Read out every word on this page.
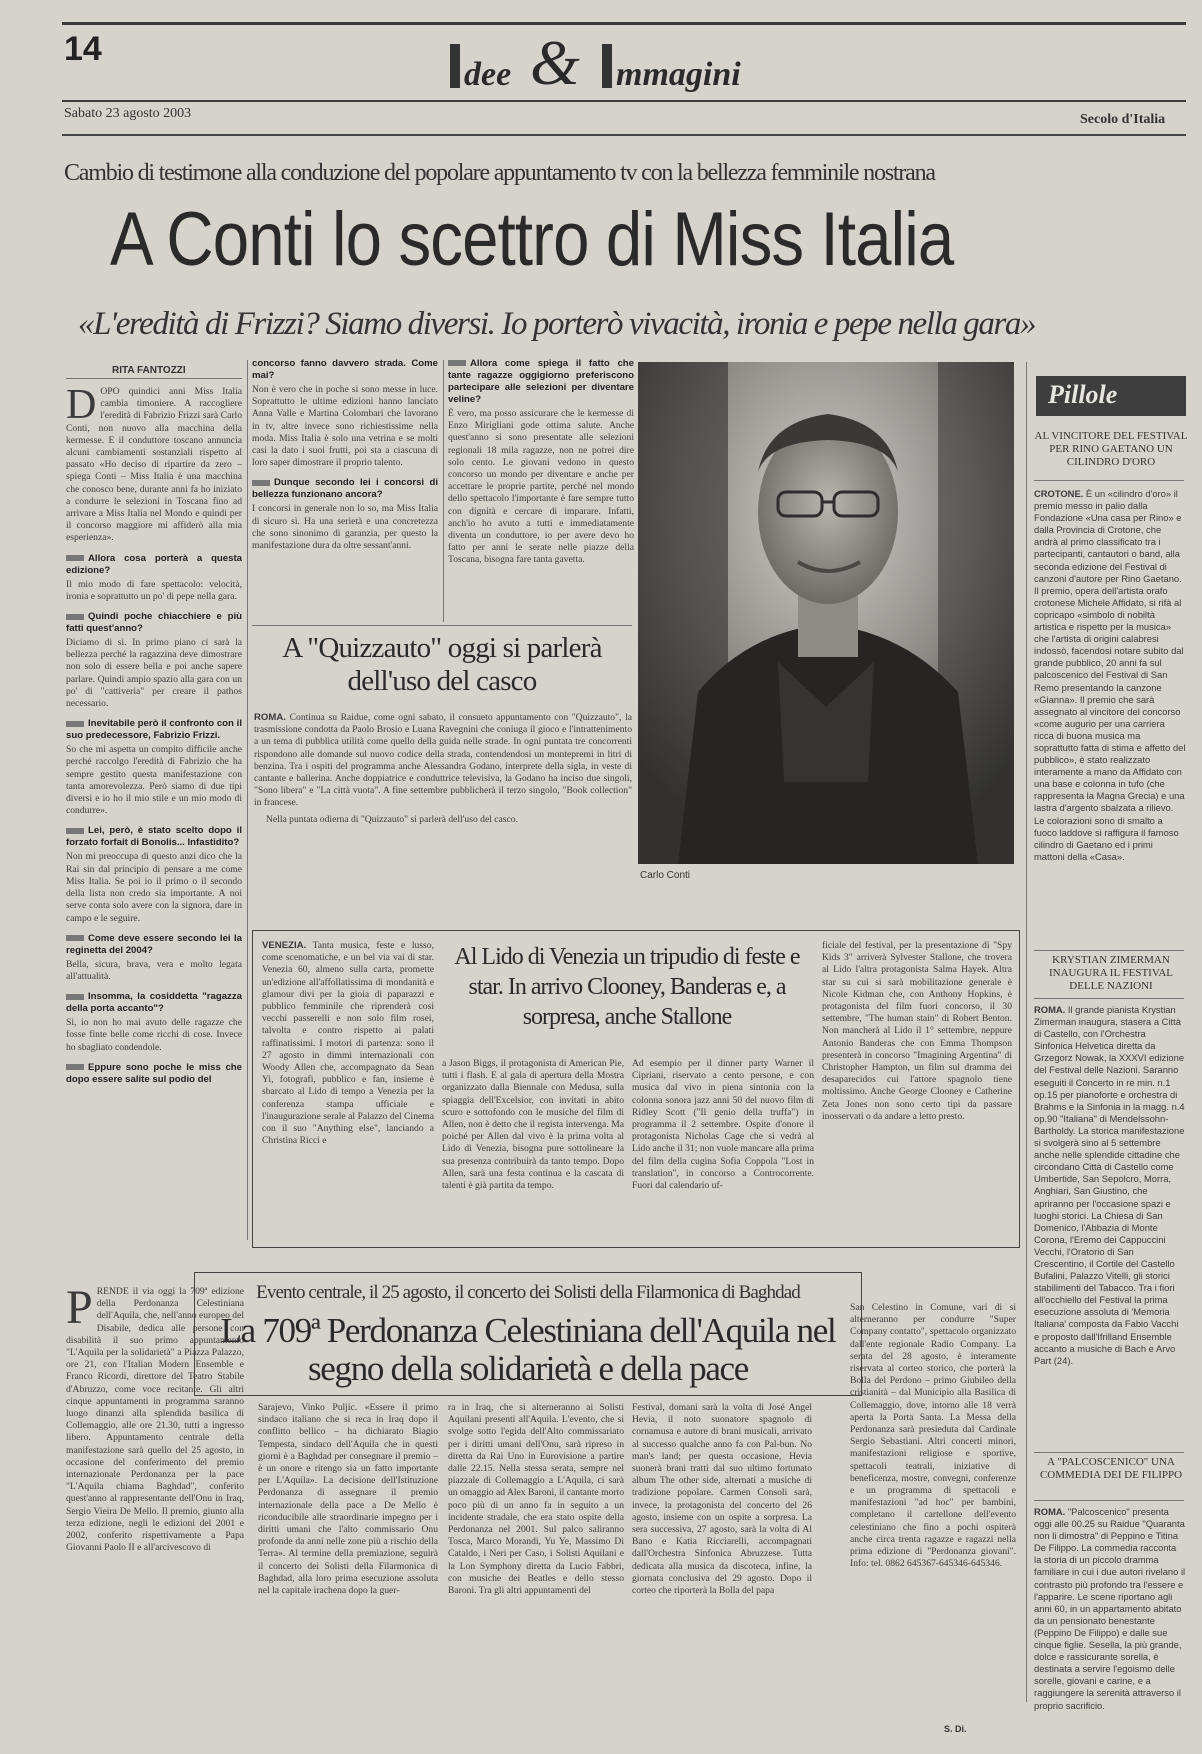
14
dee & mmagini
Sabato 23 agosto 2003	Secolo d'Italia
Cambio di testimone alla conduzione del popolare appuntamento tv con la bellezza femminile nostrana
A Conti lo scettro di Miss Italia
«L'eredità di Frizzi? Siamo diversi. Io porterò vivacità, ironia e pepe nella gara»
RITA FANTOZZI
D OPO quindici anni Miss Italia cambia timoniere. A raccogliere l'eredità di Fabrizio Frizzi sarà Carlo Conti, non nuovo alla macchina della kermesse. E il conduttore toscano annuncia alcuni cambiamenti sostanziali rispetto al passato «Ho deciso di ripartire da zero – spiega Conti – Miss Italia è una macchina che conosco bene, durante anni fa ho iniziato a condurre le selezioni in Toscana fino ad arrivare a Miss Italia nel Mondo e quindi per il concorso maggiore mi affiderò alla mia esperienza».

Allora cosa porterà a questa edizione?

Il mio modo di fare spettacolo: velocità, ironia e soprattutto un po' di pepe nella gara.

Quindi poche chiacchiere e più fatti quest'anno?

Diciamo di sì. In primo piano ci sarà la bellezza perché la ragazzina deve dimostrare non solo di essere bella e poi anche sapere parlare. Quindi ampio spazio alla gara con un po' di "cattiveria" per creare il pathos necessario.

Inevitabile però il confronto con il suo predecessore, Fabrizio Frizzi.

So che mi aspetta un compito difficile anche perché raccolgo l'eredità di Fabrizio che ha sempre gestito questa manifestazione con tanta amorevolezza. Però siamo di due tipi diversi e io ho il mio stile e un mio modo di condurre».

Lei, però, è stato scelto dopo il forzato forfait di Bonolis... Infastidito?

Non mi preoccupa di questo anzi dico che la Rai sin dal principio di pensare a me come Miss Italia. Se poi io il primo o il secondo della lista non credo sia importante. A noi serve conta solo avere con la signora, dare in campo e le seguire.

Come deve essere secondo lei la reginetta del 2004?

Bella, sicura, brava, vera e molto legata all'attualità.

Insomma, la cosiddetta "ragazza della porta accanto"?

Sì, io non ho mai avuto delle ragazze che fosse finte belle come ricchi di cose. Invece ho sbagliato condendole.

Eppure sono poche le miss che dopo essere salite sul podio del
concorso fanno davvero strada. Come mai?

Non è vero che in poche si sono messe in luce. Soprattutto le ultime edizioni hanno lanciato Anna Valle e Martina Colombari che lavorano in tv, altre invece sono richiestissime nella moda. Miss Italia è solo una vetrina e se molti casi la dato i suoi frutti, poi sta a ciascuna di loro saper dimostrare il proprio talento.

Dunque secondo lei i concorsi di bellezza funzionano ancora?

I concorsi in generale non lo so, ma Miss Italia di sicuro sì. Ha una serietà e una concretezza che sono sinonimo di garanzia, per questo la manifestazione dura da oltre sessant'anni.

Allora come spiega il fatto che tante ragazze oggigiorno preferiscono partecipare alle selezioni per diventare veline?

È vero, ma posso assicurare che le kermesse di Enzo Mirigliani gode ottima salute. Anche quest'anno si sono presentate alle selezioni regionali 18 mila ragazze, non ne potrei dire solo cento. Le giovani vedono in questo concorso un mondo per diventare e anche per accettare le proprie partite, perché nel mondo dello spettacolo l'importante è fare sempre tutto con dignità e cercare di imparare. Infatti, anch'io ho avuto a tutti e immediatamente diventa un conduttore, io per avere devo ho fatto per anni le serate nelle piazze della Toscana, bisogna fare tanta gavetta.

A "Quizzauto" oggi si parlerà dell'uso del casco

ROMA. Continua su Raidue, come ogni sabato, il consueto appuntamento con "Quizzauto", la trasmissione condotta da Paolo Brosio e Luana Ravegnini che coniuga il gioco e l'intrattenimento a un tema di pubblica utilità come quello della guida nelle strade. In ogni puntata tre concorrenti rispondono alle domande sul nuovo codice della strada, contendendosi un montepremi in litri di benzina. Tra i ospiti del programma anche Alessandra Godano, interprete della sigla, in veste di cantante e ballerina. Anche doppiatrice e conduttrice televisiva, la Godano ha inciso due singoli, "Sono libera" e "La città vuota". A fine settembre pubblicherà il terzo singolo, "Book collection" in francese.

Nella puntata odierna di "Quizzauto" si parlerà dell'uso del casco.

Carlo Conti
Pillole
AL VINCITORE DEL FESTIVAL PER RINO GAETANO UN CILINDRO D'ORO
CROTONE. È un «cilindro d'oro» il premio messo in palio dalla Fondazione «Una casa per Rino» e dalla Provincia di Crotone, che andrà al primo classificato tra i partecipanti, cantautori o band, alla seconda edizione del Festival di canzoni d'autore per Rino Gaetano. Il premio, opera dell'artista orafo crotonese Michele Affidato, si rifà al copricapo «simbolo di nobiltà artistica e rispetto per la musica» che l'artista di origini calabresi indossò, facendosi notare subito dal grande pubblico, 20 anni fa sul palcoscenico del Festival di San Remo presentando la canzone «Gianna». Il premio che sarà assegnato al vincitore del concorso «come augurio per una carriera ricca di buona musica ma soprattutto fatta di stima e affetto del pubblico», è stato realizzato interamente a mano da Affidato con una base e colonna in tufo (che rappresenta la Magna Grecia) e una lastra d'argento sbalzata a rilievo. Le colorazioni sono di smalto a fuoco laddove si raffigura il famoso cilindro di Gaetano ed i primi mattoni della «Casa».
KRYSTIAN ZIMERMAN INAUGURA IL FESTIVAL DELLE NAZIONI
ROMA. Il grande pianista Krystian Zimerman inaugura, stasera a Città di Castello, con l'Orchestra Sinfonica Helvetica diretta da Grzegorz Nowak, la XXXVI edizione del Festival delle Nazioni. Saranno eseguiti il Concerto in re min. n.1 op.15 per pianoforte e orchestra di Brahms e la Sinfonia in la magg. n.4 op.90 "Italiana" di Mendelssohn-Bartholdy. La storica manifestazione si svolgerà sino al 5 settembre anche nelle splendide cittadine che circondano Città di Castello come Umbertide, San Sepolcro, Morra, Anghiari, San Giustino, che apriranno per l'occasione spazi e luoghi storici. La Chiesa di San Domenico, l'Abbazia di Monte Corona, l'Eremo dei Cappuccini Vecchi, l'Oratorio di San Crescentino, il Cortile del Castello Bufalini, Palazzo Vitelli, gli storici stabilimenti del Tabacco. Tra i fiori all'occhiello del Festival la prima esecuzione assoluta di 'Memoria Italiana' composta da Fabio Vacchi e proposto dall'Ifrilland Ensemble accanto a musiche di Bach e Arvo Part (24).
A "PALCOSCENICO" UNA COMMEDIA DEI DE FILIPPO
ROMA. "Palcoscenico" presenta oggi alle 00.25 su Raidue "Quaranta non li dimostra" di Peppino e Titina De Filippo. La commedia racconta la storia di un piccolo dramma familiare in cui i due autori rivelano il contrasto più profondo tra l'essere e l'apparire. Le scene riportano agli anni 60, in un appartamento abitato da un pensionato benestante (Peppino De Filippo) e dalle sue cinque figlie. Sesella, la più grande, dolce e rassicurante sorella, è destinata a servire l'egoismo delle sorelle, giovani e carine, e a raggiungere la serenità attraverso il proprio sacrificio.
VENEZIA. Tanta musica, feste e lusso, come scenomatiche, e un bel via vai di star. Venezia 60, almeno sulla carta, promette un'edizione all'affollatissima di mondanità e glamour divi per la gioia di paparazzi e pubblico femminile che riprenderà cosi vecchi passerelli e non solo film rosei, talvolta e contro rispetto ai palati raffinatissimi. I motori di partenza: sono il 27 agosto in dimmi internazionali con Woody Allen che, accompagnato da Sean Yi, fotografi, pubblico e fan, insieme è sbarcato al Lido di tempo a Venezia per la conferenza stampa ufficiale e l'inaugurazione serale al Palazzo del Cinema con il suo "Anything else", lanciando a Christina Ricci e
Al Lido di Venezia un tripudio di feste e star. In arrivo Clooney, Banderas e, a sorpresa, anche Stallone
a Jason Biggs, il protagonista di American Pie, tutti i flash. E al gala di apertura della Mostra organizzato dalla Biennale con Medusa, sulla spiaggia dell'Excelsior, con invitati in abito scuro e sottofondo con le musiche del film di Allen, non è detto che il regista intervenga. Ma poiché per Allen dal vivo è la prima volta al Lido di Venezia, bisogna pure sottolineare la sua presenza contribuirà da tanto tempo. Dopo Allen, sarà una festa continua e la cascata di talenti è già partita da tempo.
Ad esempio per il dinner party Warner il Cipriani, riservato a cento persone, e con musica dal vivo in piena sintonia con la colonna sonora jazz anni 50 del nuovo film di Ridley Scott ("Il genio della truffa") in programma il 2 settembre. Ospite d'onore il protagonista Nicholas Cage che si vedrà al Lido anche il 31; non vuole mancare alla prima del film della cugina Sofia Coppola "Lost in translation", in concorso a Controcorrente. Fuori dal calendario uf-
ficiale del festival, per la presentazione di "Spy Kids 3" arriverà Sylvester Stallone, che trovera al Lido l'altra protagonista Salma Hayek. Altra star su cui si sarà mobilitazione generale è Nicole Kidman che, con Anthony Hopkins, è protagonista del film fuori concorso, il 30 settembre, "The human stain" di Robert Benton. Non mancherà al Lido il 1° settembre, neppure Antonio Banderas che con Emma Thompson presenterà in concorso "Imagining Argentina" di Christopher Hampton, un film sul dramma dei desaparecidos cui l'attore spagnolo tiene moltissimo. Anche George Clooney e Catherine Zeta Jones non sono certo tipi da passare inosservati o da andare a letto presto.
Evento centrale, il 25 agosto, il concerto dei Solisti della Filarmonica di Baghdad
La 709ª Perdonanza Celestiniana dell'Aquila nel segno della solidarietà e della pace
P RENDE il via oggi la 709ª edizione della Perdonanza Celestiniana dell'Aquila, che, nell'anno europeo del Disabile, dedica alle persone con disabilità il suo primo appuntamento "L'Aquila per la solidarietà" a Piazza Palazzo, ore 21, con l'Italian Modern Ensemble e Franco Ricordi, direttore del Teatro Stabile d'Abruzzo, come voce recitante. Gli altri cinque appuntamenti in programma saranno luogo dinanzi alla splendida basilica di Collemaggio, alle ore 21.30, tutti a ingresso libero. Appuntamento centrale della manifestazione sarà quello del 25 agosto, in occasione del conferimento del premio internazionale Perdonanza per la pace "L'Aquila chiama Baghdad", conferito quest'anno al rappresentante dell'Onu in Iraq, Sergio Vieira De Mello. Il premio, giunto alla terza edizione, negli le edizioni del 2001 e 2002, conferito rispettivamente a Papa Giovanni Paolo II e all'arcivescovo di
Sarajevo, Vinko Puljic. «Essere il primo sindaco italiano che si reca in Iraq dopo il conflitto bellico – ha dichiarato Biagio Tempesta, sindaco dell'Aquila che in questi giorni è a Baghdad per consegnare il premio – è un onore e ritengo sia un fatto importante per L'Aquila». La decisione dell'Istituzione Perdonanza di assegnare il premio internazionale della pace a De Mello è riconducibile alle straordinarie impegno per i diritti umani che l'alto commissario Onu profonde da anni nelle zone più a rischio della Terra». Al termine della premiazione, seguirà il concerto dei Solisti della Filarmonica di Baghdad, alla loro prima esecuzione assoluta nel la capitale irachena dopo la guer-
ra in Iraq, che si alterneranno ai Solisti Aquilani presenti all'Aquila. L'evento, che si svolge sotto l'egida dell'Alto commissariato per i diritti umani dell'Onu, sarà ripreso in diretta da Rai Uno in Eurovisione a partire dalle 22.15. Nella stessa serata, sempre nel piazzale di Collemaggio a L'Aquila, ci sarà un omaggio ad Alex Baroni, il cantante morto poco più di un anno fa in seguito a un incidente stradale, che era stato ospite della Perdonanza nel 2001. Sul palco saliranno Tosca, Marco Morandi, Yu Ye, Massimo Di Cataldo, i Neri per Caso, i Solisti Aquilani e la Lon Symphony diretta da Lucio Fabbri, con musiche dei Beatles e dello stesso Baroni. Tra gli altri appuntamenti del
Festival, domani sarà la volta di José Angel Hevia, il noto suonatore spagnolo di cornamusa e autore di brani musicali, arrivato al successo qualche anno fa con Pal-bun. No man's land; per questa occasione, Hevia suonerà brani tratti dal suo ultimo fortunato album The other side, alternati a musiche di tradizione popolare. Carmen Consoli sarà, invece, la protagonista del concerto del 26 agosto, insieme con un ospite a sorpresa. La sera successiva, 27 agosto, sarà la volta di Al Bano e Katia Ricciarelli, accompagnati dall'Orchestra Sinfonica Abruzzese. Tutta dedicata alla musica da discoteca, infine, la giornata conclusiva del 29 agosto. Dopo il corteo che riporterà la Bolla del papa
San Celestino in Comune, vari di si alterneranno per condurre "Super Company contatto", spettacolo organizzato dall'ente regionale Radio Company. La serata del 28 agosto, è interamente riservata al corteo storico, che porterà la Bolla del Perdono – primo Giubileo della cristianità – dal Municipio alla Basilica di Collemaggio, dove, intorno alle 18 verrà aperta la Porta Santa. La Messa della Perdonanza sarà presieduta dal Cardinale Sergio Sebastiani. Altri concerti minori, manifestazioni religiose e sportive, spettacoli teatrali, iniziative di beneficenza, mostre, convegni, conferenze e un programma di spettacoli e manifestazioni "ad hoc" per bambini, completano il cartellone dell'evento celestiniano che fino a pochi ospiterà anche circa trenta ragazze e ragazzi nella prima edizione di "Perdonanza giovani". Info: tel. 0862 645367-645346-645346.
S. Di.
